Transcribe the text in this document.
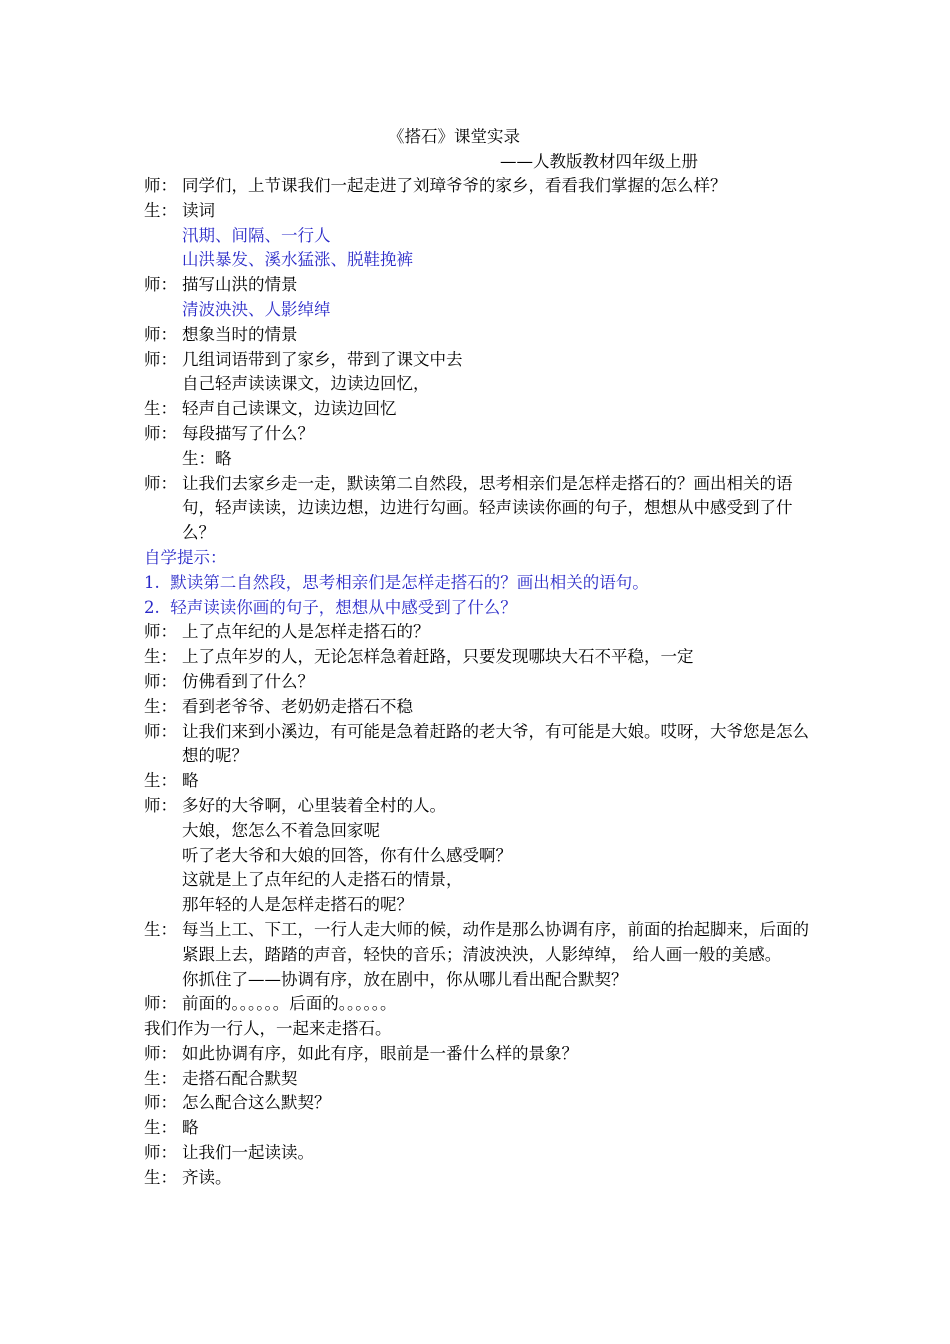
《搭石》课堂实录
——人教版教材四年级上册
师： 同学们，上节课我们一起走进了刘璋爷爷的家乡，看看我们掌握的怎么样？
生： 读词
汛期、间隔、一行人
山洪暴发、溪水猛涨、脱鞋挽裤
师： 描写山洪的情景
清波泱泱、人影绰绰
师： 想象当时的情景
师： 几组词语带到了家乡，带到了课文中去
自己轻声读读课文，边读边回忆，
生： 轻声自己读课文，边读边回忆
师： 每段描写了什么？
生：略
师： 让我们去家乡走一走，默读第二自然段，思考相亲们是怎样走搭石的？画出相关的语句，轻声读读，边读边想，边进行勾画。轻声读读你画的句子，想想从中感受到了什么？
自学提示：
1.  默读第二自然段，思考相亲们是怎样走搭石的？画出相关的语句。
2.  轻声读读你画的句子，想想从中感受到了什么？
师： 上了点年纪的人是怎样走搭石的？
生： 上了点年岁的人，无论怎样急着赶路，只要发现哪块大石不平稳，一定
师： 仿佛看到了什么？
生： 看到老爷爷、老奶奶走搭石不稳
师： 让我们来到小溪边，有可能是急着赶路的老大爷，有可能是大娘。哎呀，大爷您是怎么想的呢？
生： 略
师： 多好的大爷啊，心里装着全村的人。
大娘，您怎么不着急回家呢
听了老大爷和大娘的回答，你有什么感受啊？
这就是上了点年纪的人走搭石的情景，
那年轻的人是怎样走搭石的呢？
生： 每当上工、下工，一行人走大师的候，动作是那么协调有序，前面的抬起脚来，后面的紧跟上去，踏踏的声音，轻快的音乐；清波泱泱，人影绰绰， 给人画一般的美感。
你抓住了——协调有序，放在剧中，你从哪儿看出配合默契？
师： 前面的。。。。。。后面的。。。。。。
我们作为一行人，一起来走搭石。
师： 如此协调有序，如此有序，眼前是一番什么样的景象？
生： 走搭石配合默契
师： 怎么配合这么默契？
生： 略
师： 让我们一起读读。
生： 齐读。
